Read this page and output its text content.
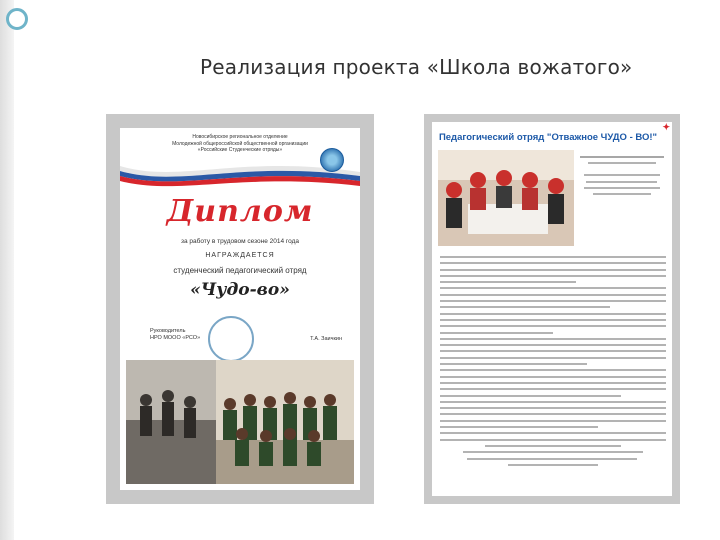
Реализация проекта «Школа вожатого»
Новосибирское региональное отделение
Молодежной общероссийской общественной организации
«Российские Студенческие отряды»
Диплом
за работу в трудовом сезоне 2014 года
НАГРАЖДАЕТСЯ
студенческий педагогический отряд
«Чудо-во»
Руководитель
НРО МООО «РСО»	Т.А. Заичкин
Педагогический отряд "Отважное ЧУДО - ВО!"
✦
